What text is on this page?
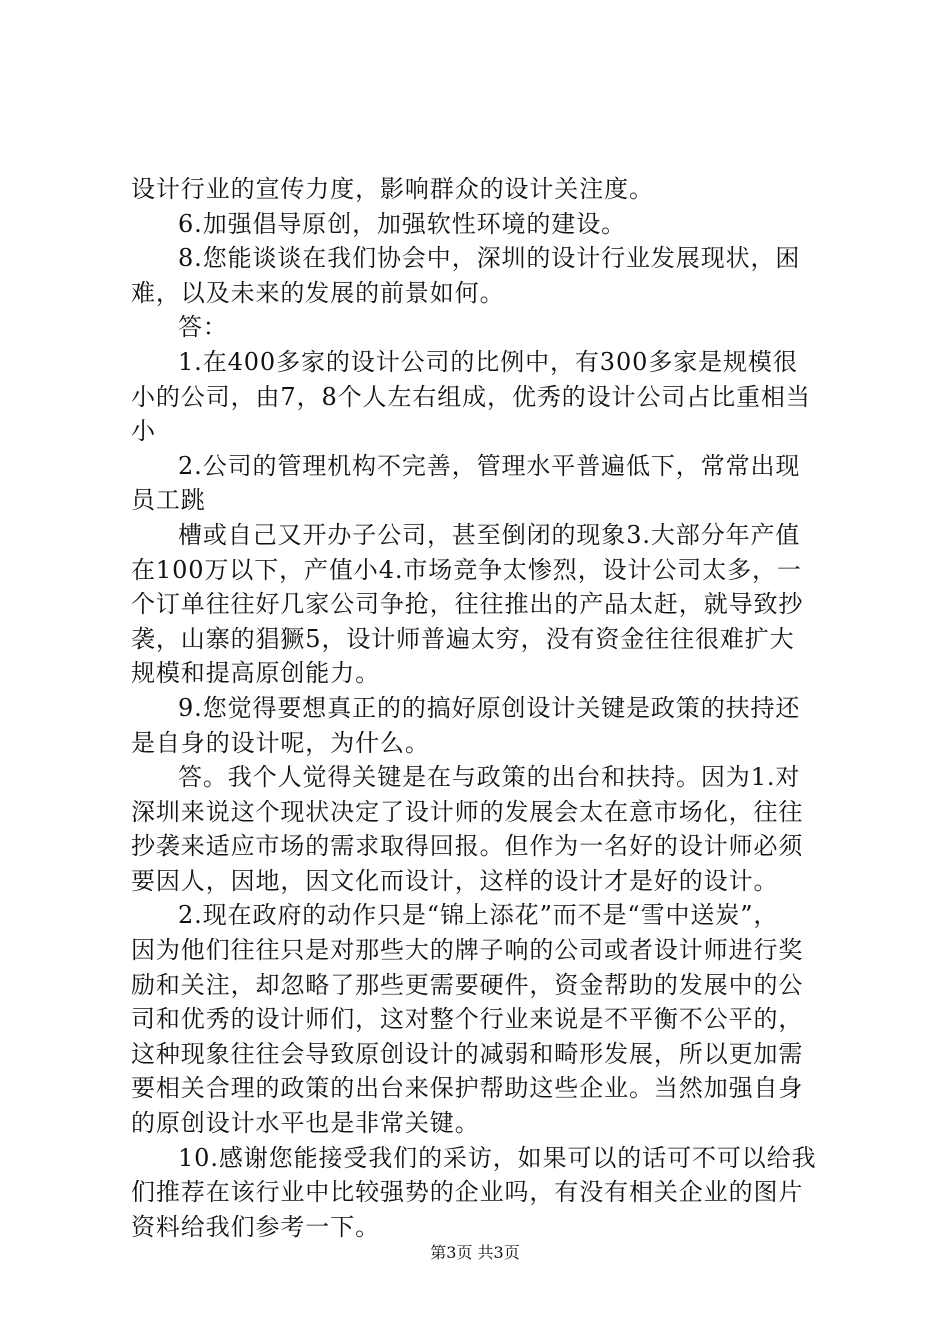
设计行业的宣传力度，影响群众的设计关注度。
6.加强倡导原创，加强软性环境的建设。
8.您能谈谈在我们协会中，深圳的设计行业发展现状，困
难，以及未来的发展的前景如何。
答：
1.在400多家的设计公司的比例中，有300多家是规模很
小的公司，由7，8个人左右组成，优秀的设计公司占比重相当
小
2.公司的管理机构不完善，管理水平普遍低下，常常出现
员工跳
槽或自己又开办子公司，甚至倒闭的现象3.大部分年产值
在100万以下，产值小4.市场竞争太惨烈，设计公司太多，一
个订单往往好几家公司争抢，往往推出的产品太赶，就导致抄
袭，山寨的猖獗5，设计师普遍太穷，没有资金往往很难扩大
规模和提高原创能力。
9.您觉得要想真正的的搞好原创设计关键是政策的扶持还
是自身的设计呢，为什么。
答。我个人觉得关键是在与政策的出台和扶持。因为1.对
深圳来说这个现状决定了设计师的发展会太在意市场化，往往
抄袭来适应市场的需求取得回报。但作为一名好的设计师必须
要因人，因地，因文化而设计，这样的设计才是好的设计。
2.现在政府的动作只是“锦上添花”而不是“雪中送炭”，
因为他们往往只是对那些大的牌子响的公司或者设计师进行奖
励和关注，却忽略了那些更需要硬件，资金帮助的发展中的公
司和优秀的设计师们，这对整个行业来说是不平衡不公平的，
这种现象往往会导致原创设计的减弱和畸形发展，所以更加需
要相关合理的政策的出台来保护帮助这些企业。当然加强自身
的原创设计水平也是非常关键。
10.感谢您能接受我们的采访，如果可以的话可不可以给我
们推荐在该行业中比较强势的企业吗，有没有相关企业的图片
资料给我们参考一下。
第3页 共3页
